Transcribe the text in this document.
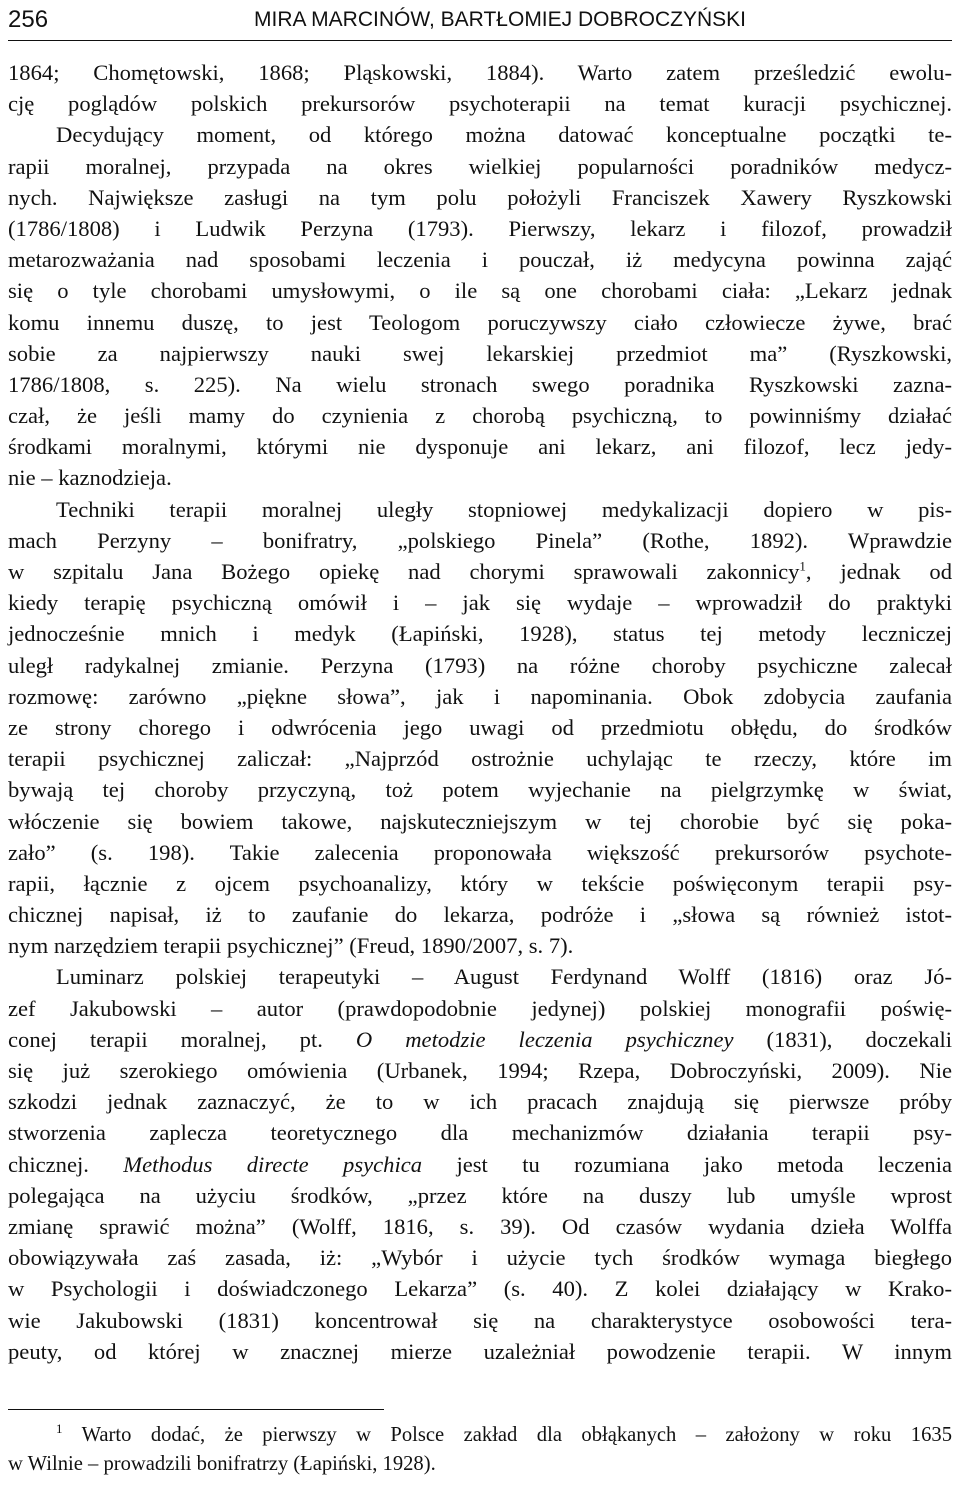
256	MIRA MARCINÓW, BARTŁOMIEJ DOBROCZYŃSKI
1864; Chomętowski, 1868; Pląskowski, 1884). Warto zatem prześledzić ewolu-
cję poglądów polskich prekursorów psychoterapii na temat kuracji psychicznej.
Decydujący moment, od którego można datować konceptualne początki te-
rapii moralnej, przypada na okres wielkiej popularności poradników medycz-
nych. Największe zasługi na tym polu położyli Franciszek Xawery Ryszkowski
(1786/1808) i Ludwik Perzyna (1793). Pierwszy, lekarz i filozof, prowadził
metarozważania nad sposobami leczenia i pouczał, iż medycyna powinna zająć
się o tyle chorobami umysłowymi, o ile są one chorobami ciała: „Lekarz jednak
komu innemu duszę, to jest Teologom poruczywszy ciało człowiecze żywe, brać
sobie za najpierwszy nauki swej lekarskiej przedmiot ma” (Ryszkowski,
1786/1808, s. 225). Na wielu stronach swego poradnika Ryszkowski zazna-
czał, że jeśli mamy do czynienia z chorobą psychiczną, to powinniśmy działać
środkami moralnymi, którymi nie dysponuje ani lekarz, ani filozof, lecz jedy-
nie – kaznodzieja.
Techniki terapii moralnej uległy stopniowej medykalizacji dopiero w pis-
mach Perzyny – bonifratry, „polskiego Pinela” (Rothe, 1892). Wprawdzie
w szpitalu Jana Bożego opiekę nad chorymi sprawowali zakonnicy$^1$, jednak od
kiedy terapię psychiczną omówił i – jak się wydaje – wprowadził do praktyki
jednocześnie mnich i medyk (Łapiński, 1928), status tej metody leczniczej
uległ radykalnej zmianie. Perzyna (1793) na różne choroby psychiczne zalecał
rozmowę: zarówno „piękne słowa”, jak i napominania. Obok zdobycia zaufania
ze strony chorego i odwrócenia jego uwagi od przedmiotu obłędu, do środków
terapii psychicznej zaliczał: „Najprzód ostrożnie uchylając te rzeczy, które im
bywają tej choroby przyczyną, toż potem wyjechanie na pielgrzymkę w świat,
włóczenie się bowiem takowe, najskuteczniejszym w tej chorobie być się poka-
zało” (s. 198). Takie zalecenia proponowała większość prekursorów psychote-
rapii, łącznie z ojcem psychoanalizy, który w tekście poświęconym terapii psy-
chicznej napisał, iż to zaufanie do lekarza, podróże i „słowa są również istot-
nym narzędziem terapii psychicznej” (Freud, 1890/2007, s. 7).
Luminarz polskiej terapeutyki – August Ferdynand Wolff (1816) oraz Jó-
zef Jakubowski – autor (prawdopodobnie jedynej) polskiej monografii poświę-
conej terapii moralnej, pt. O metodzie leczenia psychiczney (1831), doczekali
się już szerokiego omówienia (Urbanek, 1994; Rzepa, Dobroczyński, 2009). Nie
szkodzi jednak zaznaczyć, że to w ich pracach znajdują się pierwsze próby
stworzenia zaplecza teoretycznego dla mechanizmów działania terapii psy-
chicznej. Methodus directe psychica jest tu rozumiana jako metoda leczenia
polegająca na użyciu środków, „przez które na duszy lub umyśle wprost
zmianę sprawić można” (Wolff, 1816, s. 39). Od czasów wydania dzieła Wolffa
obowiązywała zaś zasada, iż: „Wybór i użycie tych środków wymaga biegłego
w Psychologii i doświadczonego Lekarza” (s. 40). Z kolei działający w Krako-
wie Jakubowski (1831) koncentrował się na charakterystyce osobowości tera-
peuty, od której w znacznej mierze uzależniał powodzenie terapii. W innym
$^1$ Warto dodać, że pierwszy w Polsce zakład dla obłąkanych – założony w roku 1635
w Wilnie – prowadzili bonifratrzy (Łapiński, 1928).
